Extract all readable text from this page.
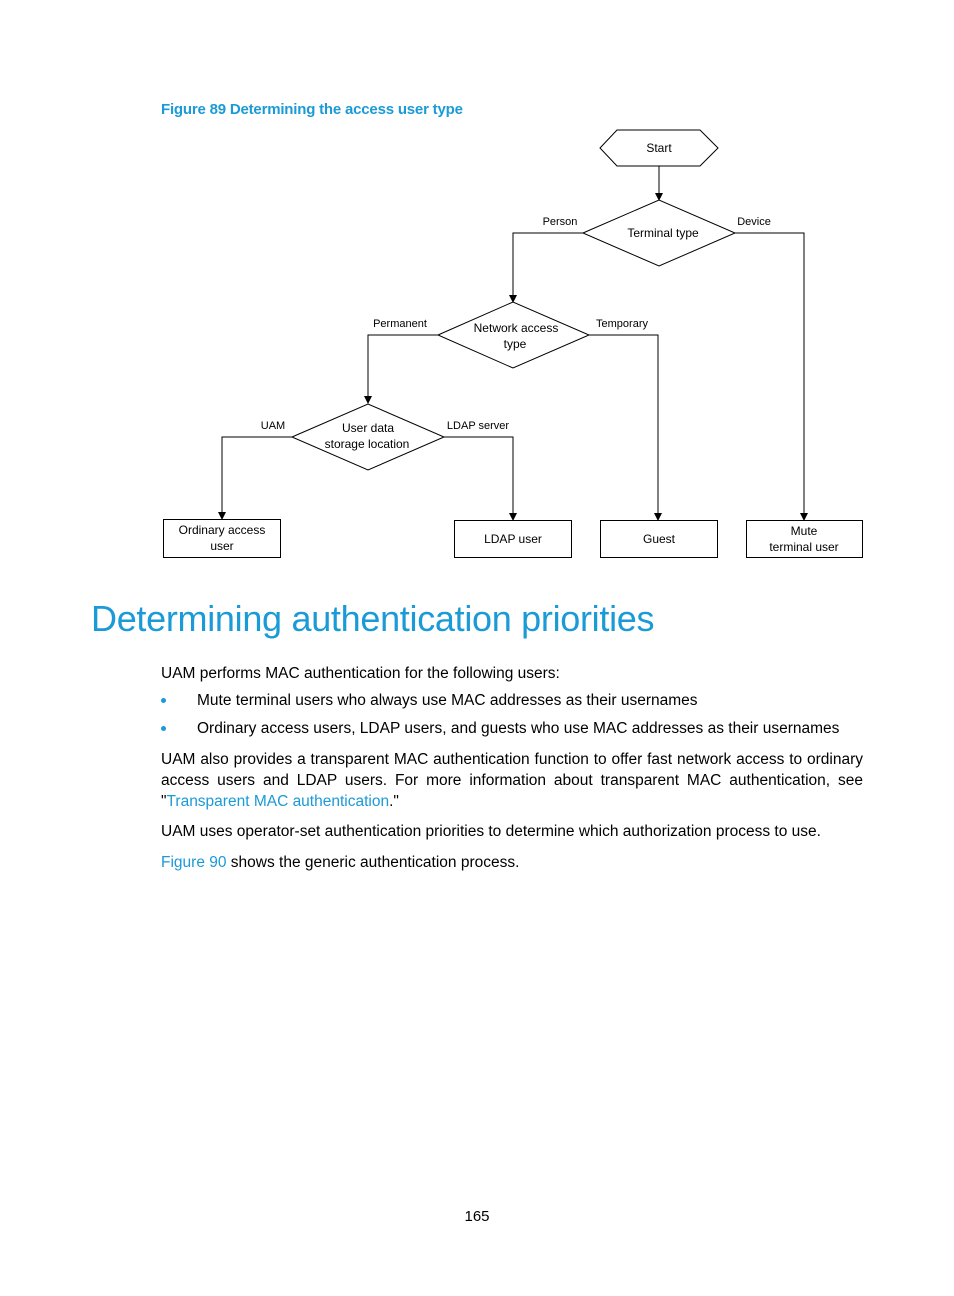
Figure 89 Determining the access user type
Start
Terminal type
Person	Device
Network access
type
Permanent	Temporary
User data
storage location
UAM	LDAP server
Ordinary access
user	LDAP user	Guest
Mute
terminal user
Determining authentication priorities

UAM performs MAC authentication for the following users:

Mute terminal users who always use MAC addresses as their usernames
Ordinary access users, LDAP users, and guests who use MAC addresses as their usernames

UAM also provides a transparent MAC authentication function to offer fast network access to ordinary access users and LDAP users. For more information about transparent MAC authentication, see "Transparent MAC authentication."

UAM uses operator-set authentication priorities to determine which authorization process to use.

Figure 90 shows the generic authentication process.

165
